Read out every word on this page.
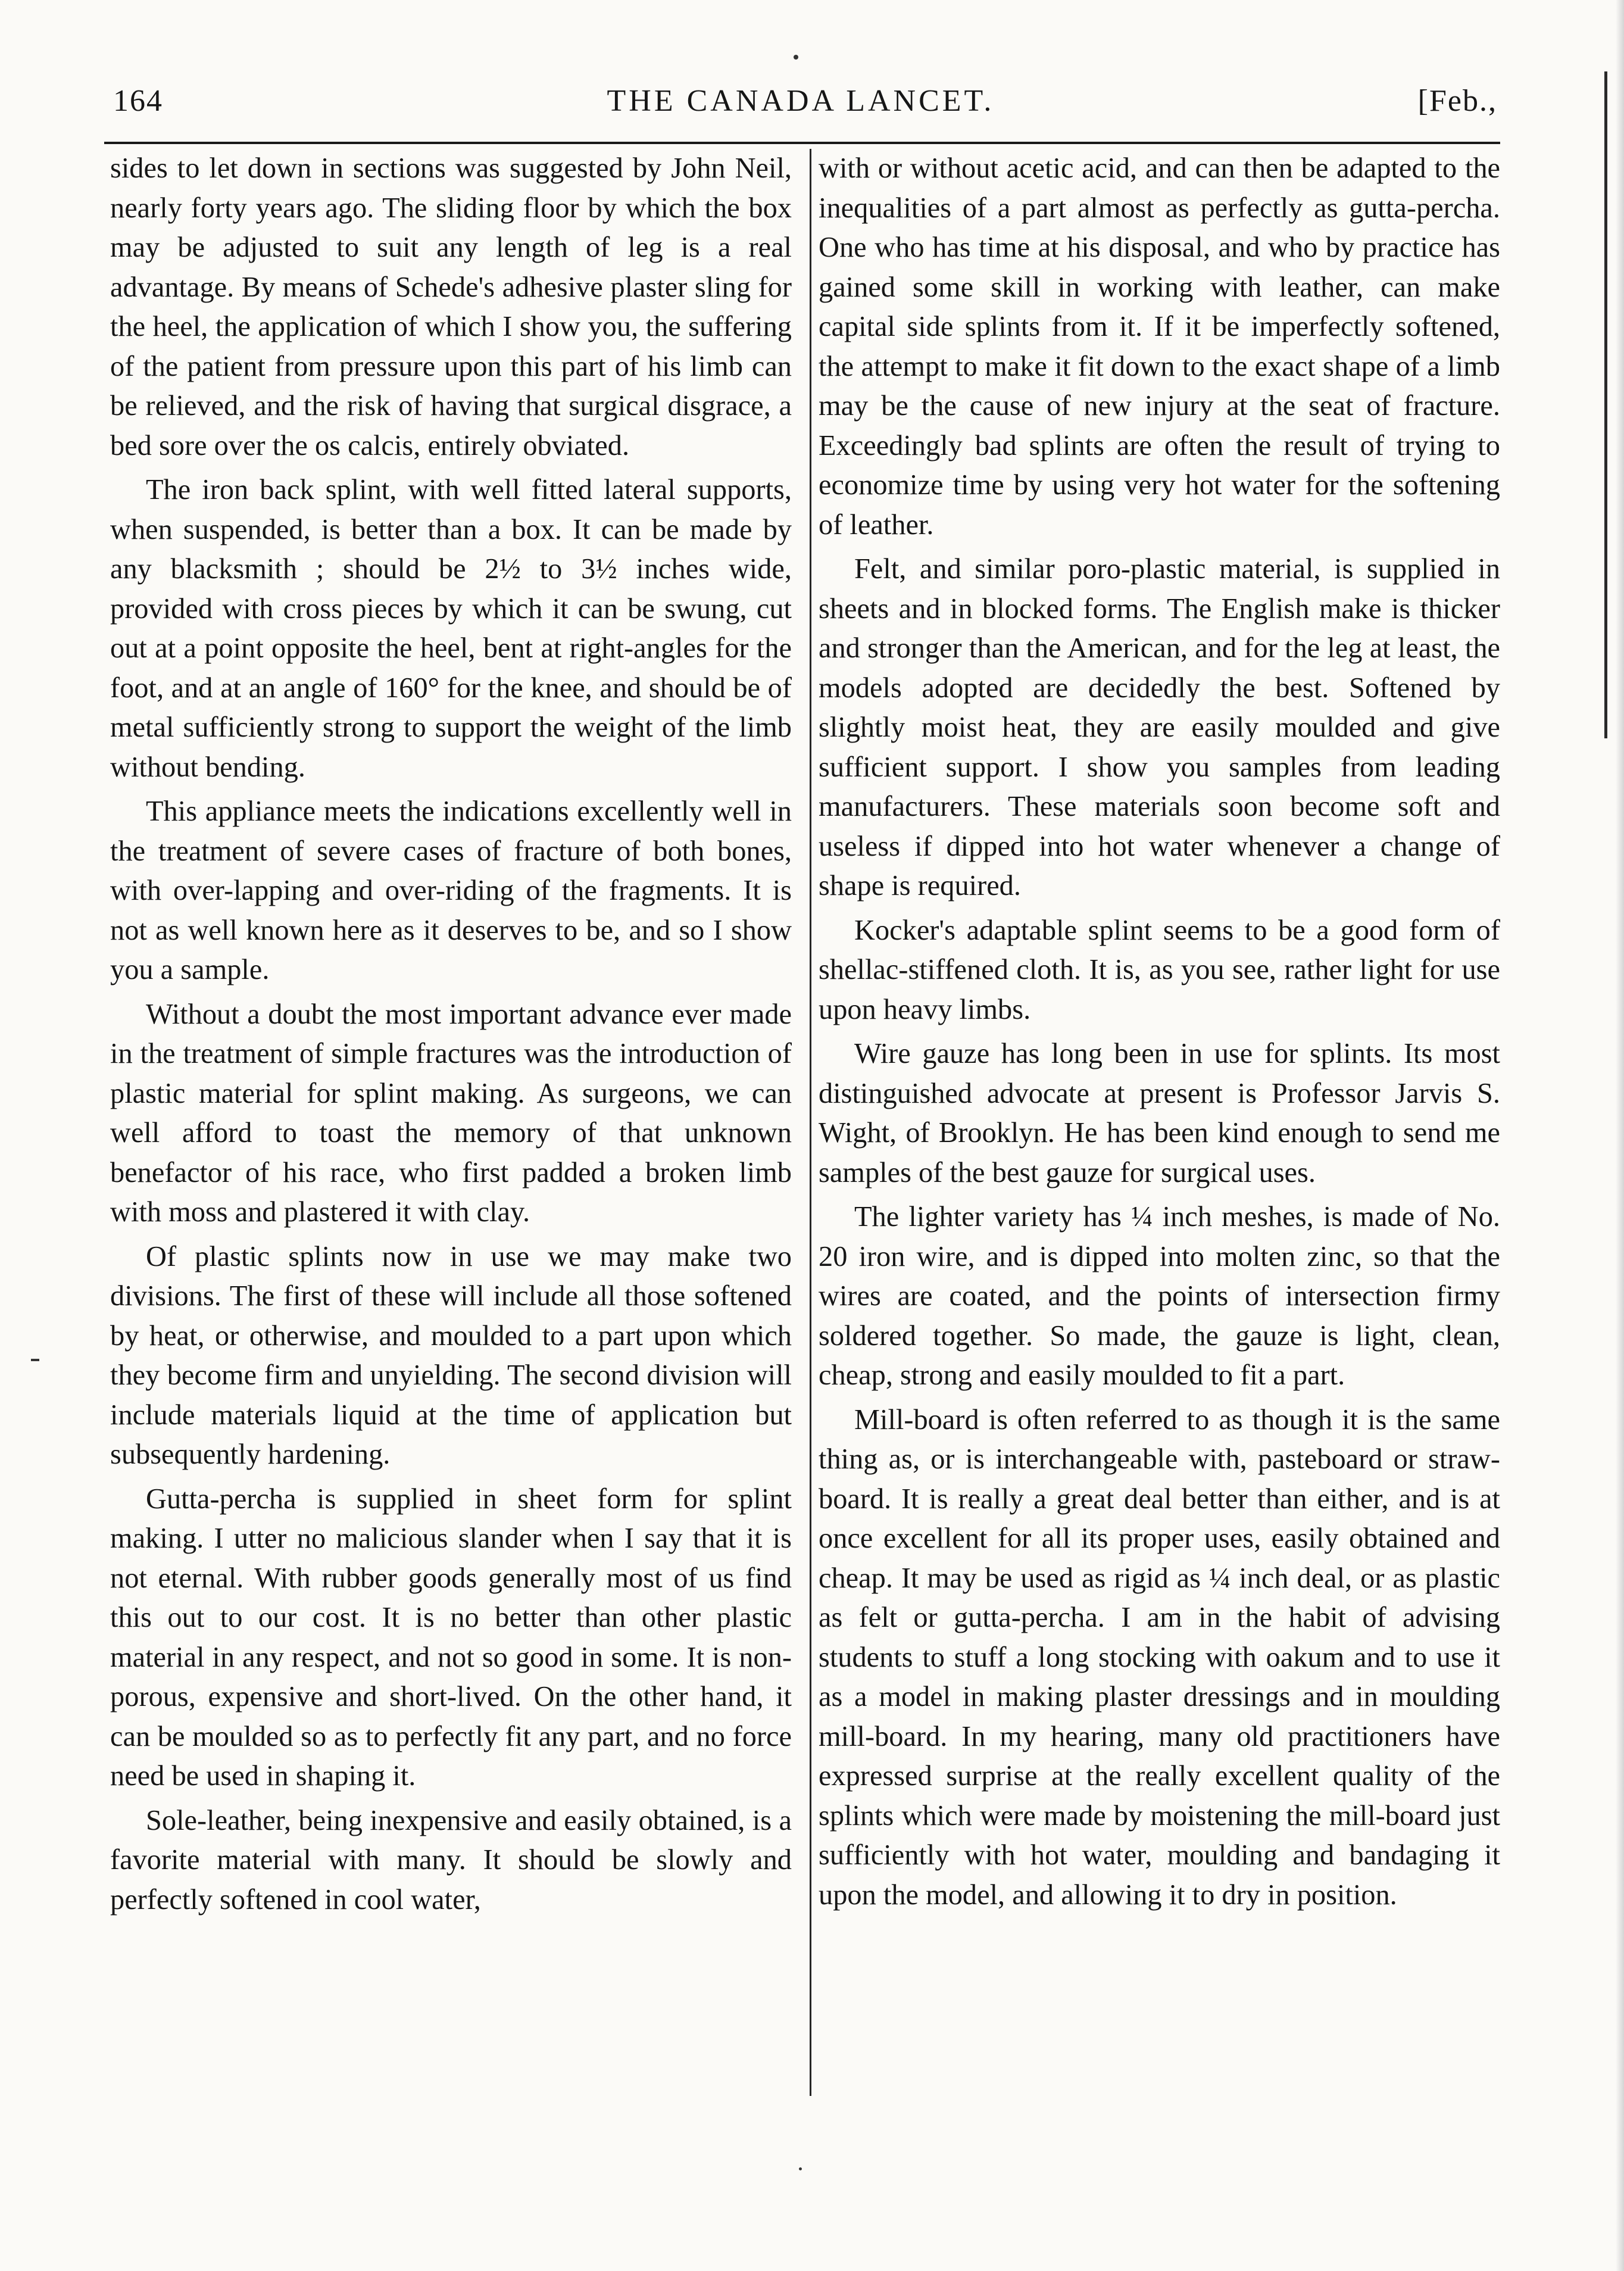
164	THE CANADA LANCET.	[Feb.,

sides to let down in sections was suggested by John Neil, nearly forty years ago. The sliding floor by which the box may be adjusted to suit any length of leg is a real advantage. By means of Schede's adhesive plaster sling for the heel, the application of which I show you, the suffering of the patient from pressure upon this part of his limb can be relieved, and the risk of having that surgical disgrace, a bed sore over the os calcis, entirely obviated.

The iron back splint, with well fitted lateral supports, when suspended, is better than a box. It can be made by any blacksmith ; should be 2½ to 3½ inches wide, provided with cross pieces by which it can be swung, cut out at a point opposite the heel, bent at right-angles for the foot, and at an angle of 160° for the knee, and should be of metal sufficiently strong to support the weight of the limb without bending.

This appliance meets the indications excellently well in the treatment of severe cases of fracture of both bones, with over-lapping and over-riding of the fragments. It is not as well known here as it deserves to be, and so I show you a sample.

Without a doubt the most important advance ever made in the treatment of simple fractures was the introduction of plastic material for splint making. As surgeons, we can well afford to toast the memory of that unknown benefactor of his race, who first padded a broken limb with moss and plastered it with clay.

Of plastic splints now in use we may make two divisions. The first of these will include all those softened by heat, or otherwise, and moulded to a part upon which they become firm and unyielding. The second division will include materials liquid at the time of application but subsequently hardening.

Gutta-percha is supplied in sheet form for splint making. I utter no malicious slander when I say that it is not eternal. With rubber goods generally most of us find this out to our cost. It is no better than other plastic material in any respect, and not so good in some. It is non-porous, expensive and short-lived. On the other hand, it can be moulded so as to perfectly fit any part, and no force need be used in shaping it.

Sole-leather, being inexpensive and easily obtained, is a favorite material with many. It should be slowly and perfectly softened in cool water,

with or without acetic acid, and can then be adapted to the inequalities of a part almost as perfectly as gutta-percha. One who has time at his disposal, and who by practice has gained some skill in working with leather, can make capital side splints from it. If it be imperfectly softened, the attempt to make it fit down to the exact shape of a limb may be the cause of new injury at the seat of fracture. Exceedingly bad splints are often the result of trying to economize time by using very hot water for the softening of leather.

Felt, and similar poro-plastic material, is supplied in sheets and in blocked forms. The English make is thicker and stronger than the American, and for the leg at least, the models adopted are decidedly the best. Softened by slightly moist heat, they are easily moulded and give sufficient support. I show you samples from leading manufacturers. These materials soon become soft and useless if dipped into hot water whenever a change of shape is required.

Kocker's adaptable splint seems to be a good form of shellac-stiffened cloth. It is, as you see, rather light for use upon heavy limbs.

Wire gauze has long been in use for splints. Its most distinguished advocate at present is Professor Jarvis S. Wight, of Brooklyn. He has been kind enough to send me samples of the best gauze for surgical uses.

The lighter variety has ¼ inch meshes, is made of No. 20 iron wire, and is dipped into molten zinc, so that the wires are coated, and the points of intersection firmy soldered together. So made, the gauze is light, clean, cheap, strong and easily moulded to fit a part.

Mill-board is often referred to as though it is the same thing as, or is interchangeable with, pasteboard or straw-board. It is really a great deal better than either, and is at once excellent for all its proper uses, easily obtained and cheap. It may be used as rigid as ¼ inch deal, or as plastic as felt or gutta-percha. I am in the habit of advising students to stuff a long stocking with oakum and to use it as a model in making plaster dressings and in moulding mill-board. In my hearing, many old practitioners have expressed surprise at the really excellent quality of the splints which were made by moistening the mill-board just sufficiently with hot water, moulding and bandaging it upon the model, and allowing it to dry in position.
